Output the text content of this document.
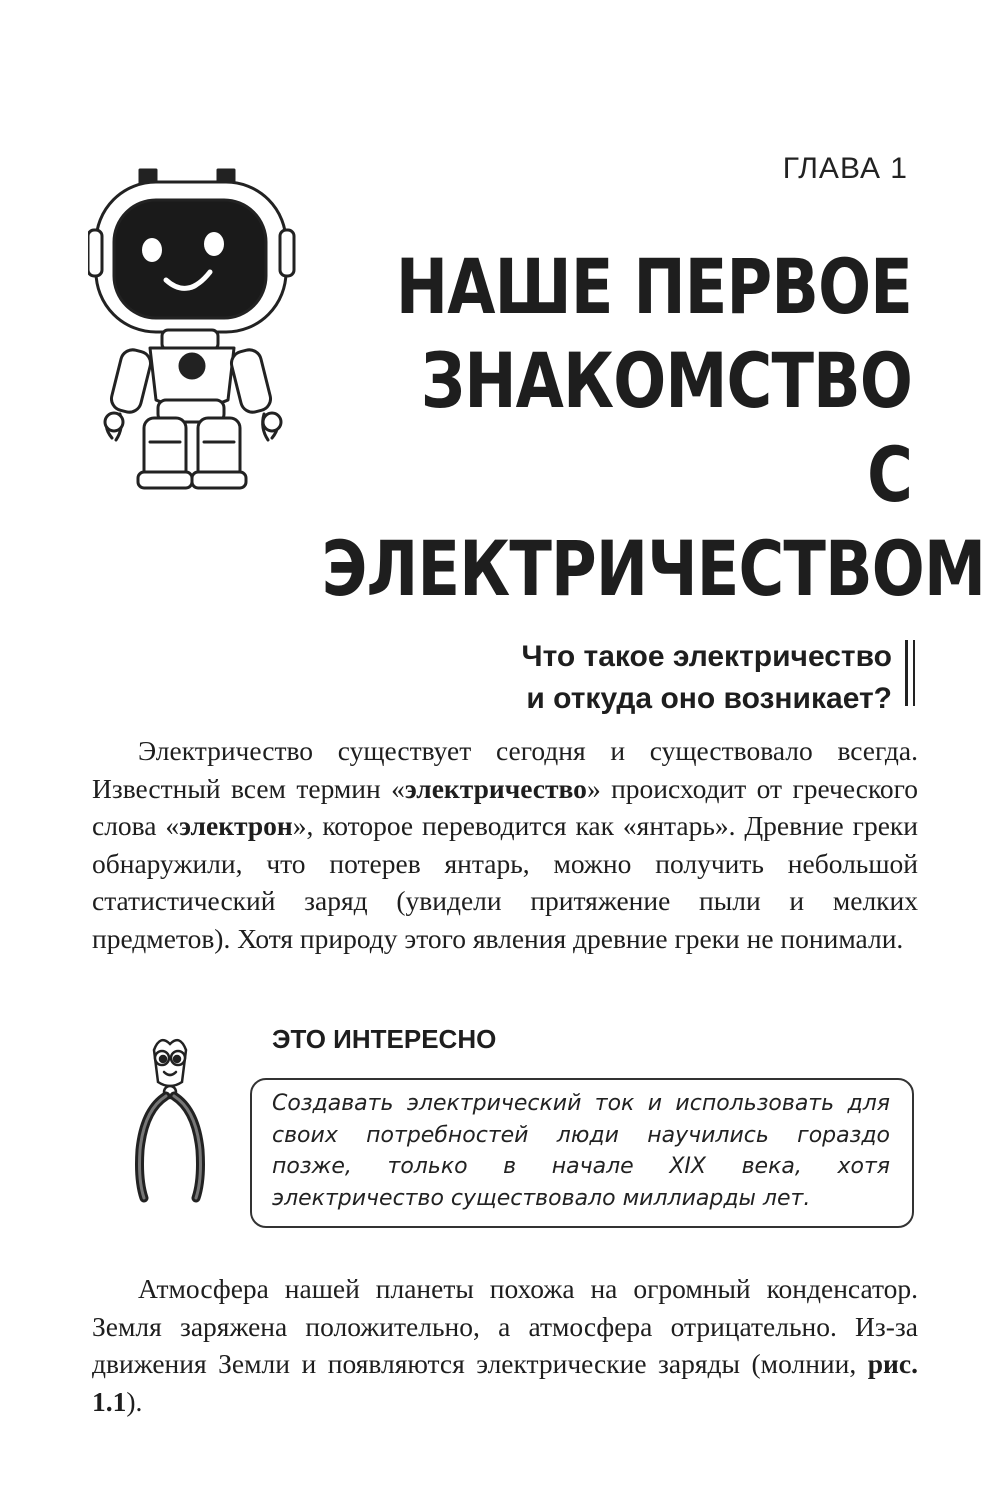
ГЛАВА 1
НАШЕ ПЕРВОЕ
ЗНАКОМСТВО
С ЭЛЕКТРИЧЕСТВОМ
Что такое электричество
и откуда оно возникает?

Электричество существует сегодня и существовало всегда. Известный всем термин «электричество» происходит от греческого слова «электрон», которое переводится как «янтарь». Древние греки обнаружили, что потерев янтарь, можно получить небольшой статистический заряд (увидели притяжение пыли и мелких предметов). Хотя природу этого явления древние греки не понимали.

ЭТО ИНТЕРЕСНО
Создавать электрический ток и использовать для своих потребностей люди научились гораздо позже, только в начале XIX века, хотя электричество существовало миллиарды лет.

Атмосфера нашей планеты похожа на огромный конденсатор. Земля заряжена положительно, а атмосфера отрицательно. Из-за движения Земли и появляются электрические заряды (молнии, рис. 1.1).
